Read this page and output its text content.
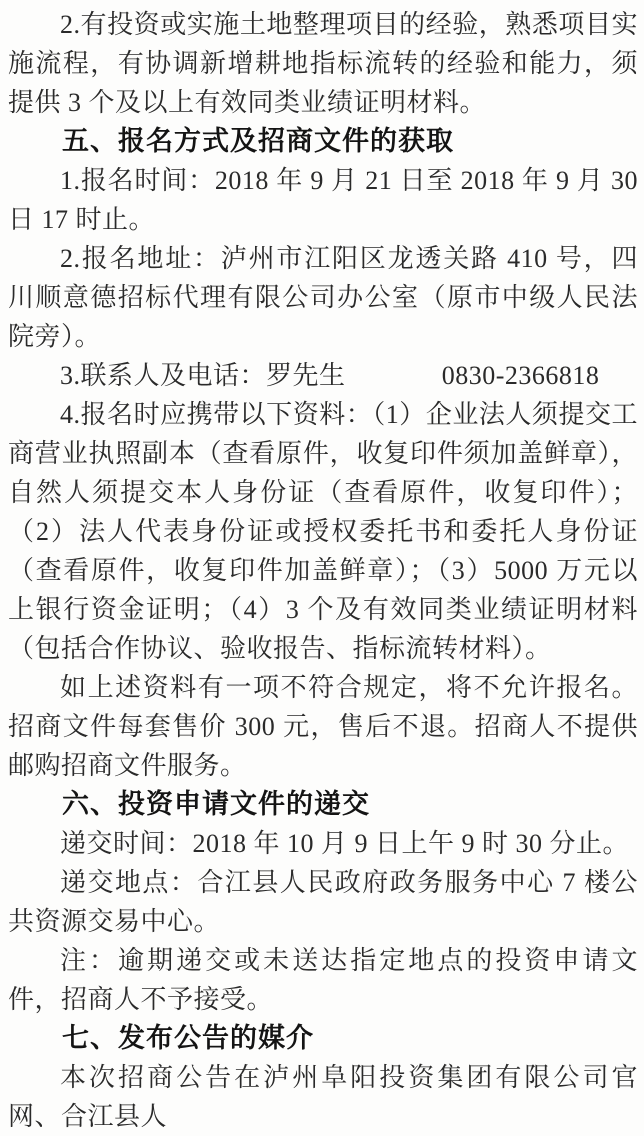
2.有投资或实施土地整理项目的经验，熟悉项目实施流程，有协调新增耕地指标流转的经验和能力，须提供 3 个及以上有效同类业绩证明材料。

五、报名方式及招商文件的获取

1.报名时间：2018 年 9 月 21 日至 2018 年 9 月 30 日 17 时止。

2.报名地址：泸州市江阳区龙透关路 410 号，四川顺意德招标代理有限公司办公室（原市中级人民法院旁）。

3.联系人及电话：罗先生	0830-2366818

4.报名时应携带以下资料：（1）企业法人须提交工商营业执照副本（查看原件，收复印件须加盖鲜章），自然人须提交本人身份证（查看原件，收复印件）；（2）法人代表身份证或授权委托书和委托人身份证（查看原件，收复印件加盖鲜章）；（3）5000 万元以上银行资金证明；（4）3 个及有效同类业绩证明材料（包括合作协议、验收报告、指标流转材料）。

如上述资料有一项不符合规定，将不允许报名。招商文件每套售价 300 元，售后不退。招商人不提供邮购招商文件服务。

六、投资申请文件的递交

递交时间：2018 年 10 月 9 日上午 9 时 30 分止。

递交地点：合江县人民政府政务服务中心 7 楼公共资源交易中心。

注：逾期递交或未送达指定地点的投资申请文件，招商人不予接受。

七、发布公告的媒介

本次招商公告在泸州阜阳投资集团有限公司官网、合江县人
